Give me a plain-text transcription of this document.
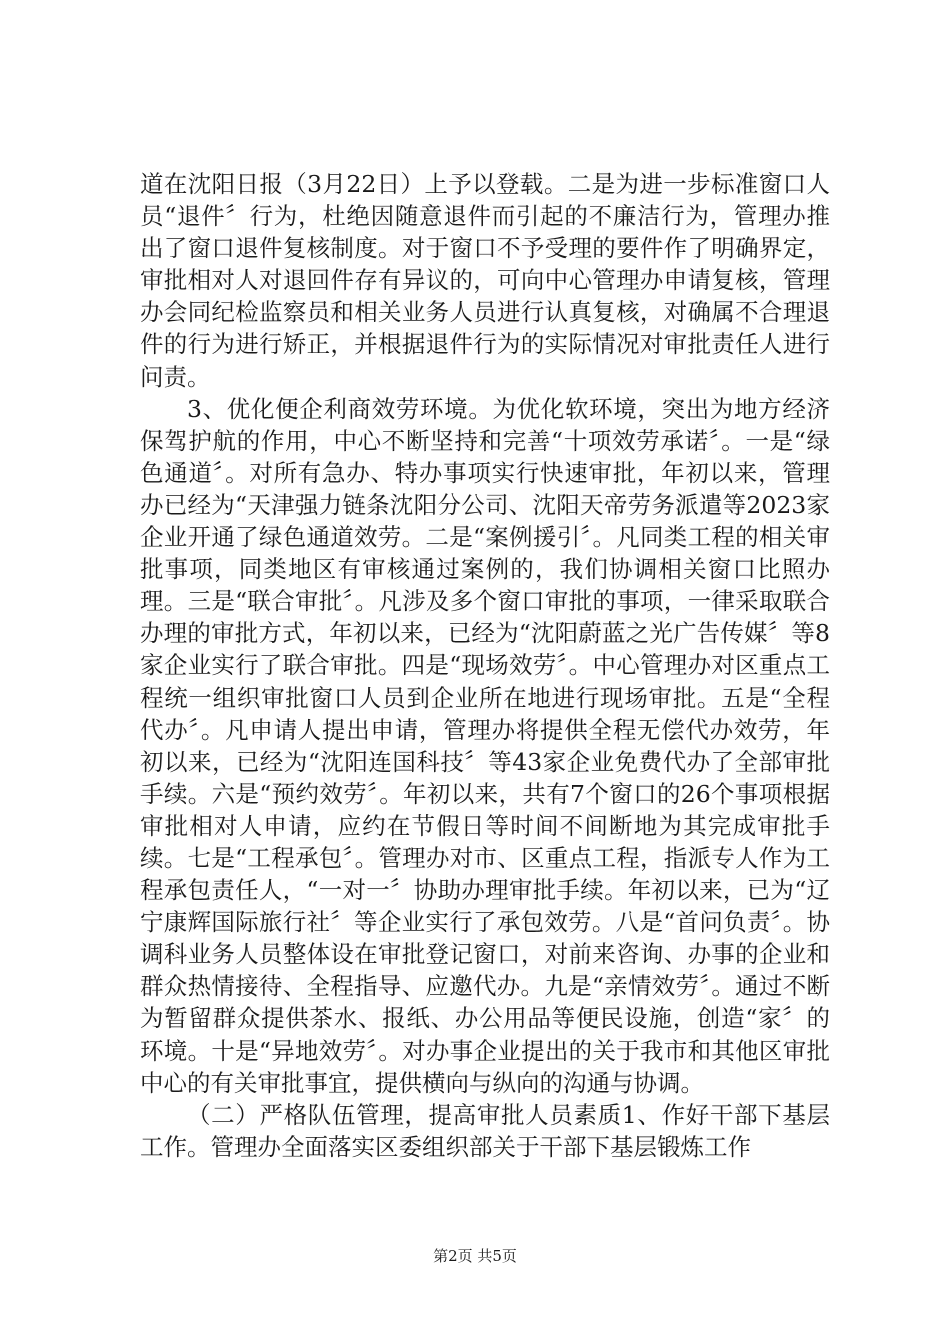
道在沈阳日报（3月22日）上予以登载。二是为进一步标准窗口人员“退件〞行为，杜绝因随意退件而引起的不廉洁行为，管理办推出了窗口退件复核制度。对于窗口不予受理的要件作了明确界定，审批相对人对退回件存有异议的，可向中心管理办申请复核，管理办会同纪检监察员和相关业务人员进行认真复核，对确属不合理退件的行为进行矫正，并根据退件行为的实际情况对审批责任人进行问责。

3、优化便企利商效劳环境。为优化软环境，突出为地方经济保驾护航的作用，中心不断坚持和完善“十项效劳承诺〞。一是“绿色通道〞。对所有急办、特办事项实行快速审批，年初以来，管理办已经为“天津强力链条沈阳分公司、沈阳天帝劳务派遣等2023家企业开通了绿色通道效劳。二是“案例援引〞。凡同类工程的相关审批事项，同类地区有审核通过案例的，我们协调相关窗口比照办理。三是“联合审批〞。凡涉及多个窗口审批的事项，一律采取联合办理的审批方式，年初以来，已经为“沈阳蔚蓝之光广告传媒〞等8家企业实行了联合审批。四是“现场效劳〞。中心管理办对区重点工程统一组织审批窗口人员到企业所在地进行现场审批。五是“全程代办〞。凡申请人提出申请，管理办将提供全程无偿代办效劳，年初以来，已经为“沈阳连国科技〞等43家企业免费代办了全部审批手续。六是“预约效劳〞。年初以来，共有7个窗口的26个事项根据审批相对人申请，应约在节假日等时间不间断地为其完成审批手续。七是“工程承包〞。管理办对市、区重点工程，指派专人作为工程承包责任人，“一对一〞协助办理审批手续。年初以来，已为“辽宁康辉国际旅行社〞等企业实行了承包效劳。八是“首问负责〞。协调科业务人员整体设在审批登记窗口，对前来咨询、办事的企业和群众热情接待、全程指导、应邀代办。九是“亲情效劳〞。通过不断为暂留群众提供茶水、报纸、办公用品等便民设施，创造“家〞的环境。十是“异地效劳〞。对办事企业提出的关于我市和其他区审批中心的有关审批事宜，提供横向与纵向的沟通与协调。

（二）严格队伍管理，提高审批人员素质1、作好干部下基层工作。管理办全面落实区委组织部关于干部下基层锻炼工作

第2页 共5页
